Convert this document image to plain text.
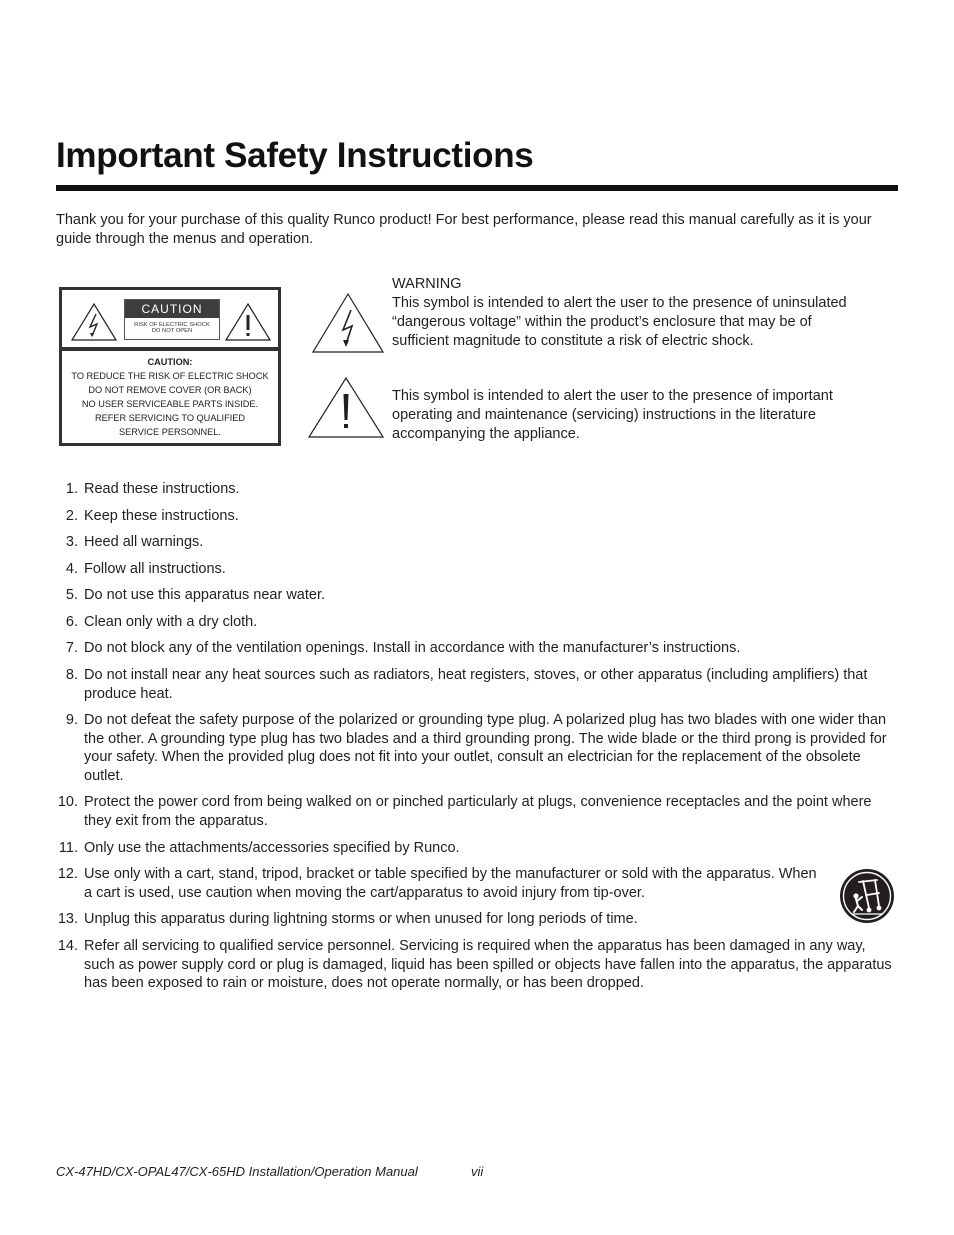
Important Safety Instructions

Thank you for your purchase of this quality Runco product! For best performance, please read this manual carefully as it is your guide through the menus and operation.

CAUTION
RISK OF ELECTRIC SHOCK
DO NOT OPEN
CAUTION:
TO REDUCE THE RISK OF ELECTRIC SHOCK
DO NOT REMOVE COVER (OR BACK)
NO USER SERVICEABLE PARTS INSIDE.
REFER SERVICING TO QUALIFIED
SERVICE PERSONNEL.

WARNING
This symbol is intended to alert the user to the presence of uninsulated “dangerous voltage” within the product’s enclosure that may be of sufficient magnitude to constitute a risk of electric shock.

This symbol is intended to alert the user to the presence of important operating and maintenance (servicing) instructions in the literature accompanying the appliance.

1. Read these instructions.
2. Keep these instructions.
3. Heed all warnings.
4. Follow all instructions.
5. Do not use this apparatus near water.
6. Clean only with a dry cloth.
7. Do not block any of the ventilation openings. Install in accordance with the manufacturer’s instructions.
8. Do not install near any heat sources such as radiators, heat registers, stoves, or other apparatus (including amplifiers) that produce heat.
9. Do not defeat the safety purpose of the polarized or grounding type plug. A polarized plug has two blades with one wider than the other. A grounding type plug has two blades and a third grounding prong. The wide blade or the third prong is provided for your safety. When the provided plug does not fit into your outlet, consult an electrician for the replacement of the obsolete outlet.
10. Protect the power cord from being walked on or pinched particularly at plugs, convenience receptacles and the point where they exit from the apparatus.
11. Only use the attachments/accessories specified by Runco.
12. Use only with a cart, stand, tripod, bracket or table specified by the manufacturer or sold with the apparatus. When a cart is used, use caution when moving the cart/apparatus to avoid injury from tip-over.
13. Unplug this apparatus during lightning storms or when unused for long periods of time.
14. Refer all servicing to qualified service personnel. Servicing is required when the apparatus has been damaged in any way, such as power supply cord or plug is damaged, liquid has been spilled or objects have fallen into the apparatus, the apparatus has been exposed to rain or moisture, does not operate normally, or has been dropped.
CX-47HD/CX-OPAL47/CX-65HD Installation/Operation Manual	vii
